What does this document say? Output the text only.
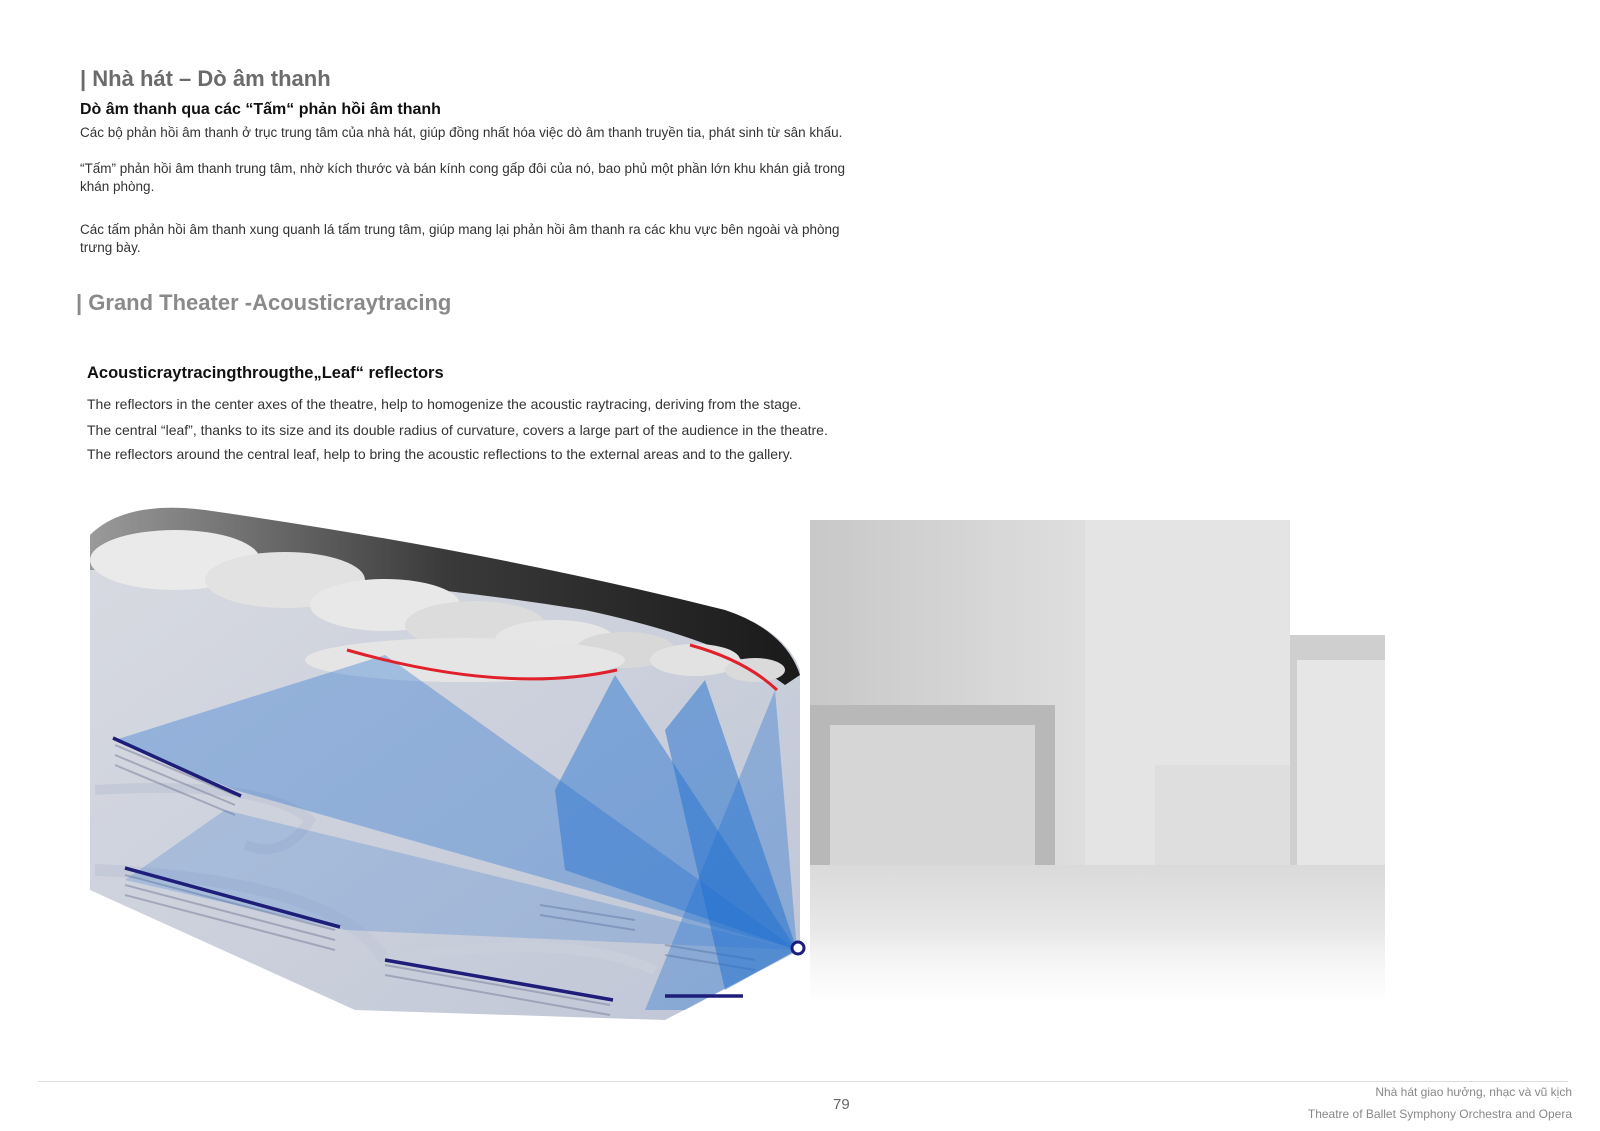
| Nhà hát – Dò âm thanh
Dò âm thanh qua các “Tấm“ phản hồi âm thanh

Các bộ phản hồi âm thanh ở trục trung tâm của nhà hát, giúp đồng nhất hóa việc dò âm thanh truyền tia, phát sinh từ sân khấu.

“Tấm” phản hồi âm thanh trung tâm, nhờ kích thước và bán kính cong gấp đôi của nó, bao phủ một phần lớn khu khán giả trong khán phòng.

Các tấm phản hồi âm thanh xung quanh lá tấm trung tâm, giúp mang lại phản hồi âm thanh ra các khu vực bên ngoài và phòng trưng bày.

| Grand Theater -Acousticraytracing
Acousticraytracingthrougthe„Leaf“ reflectors

The reflectors in the center axes of the theatre, help to homogenize the acoustic raytracing, deriving from the stage.

The central “leaf”, thanks to its size and its double radius of curvature, covers a large part of the audience in the theatre.

The reflectors around the central leaf, help to bring the acoustic reflections to the external areas and to the gallery.

79
Nhà hát giao hưởng, nhạc và vũ kịch
Theatre of Ballet Symphony Orchestra and Opera
